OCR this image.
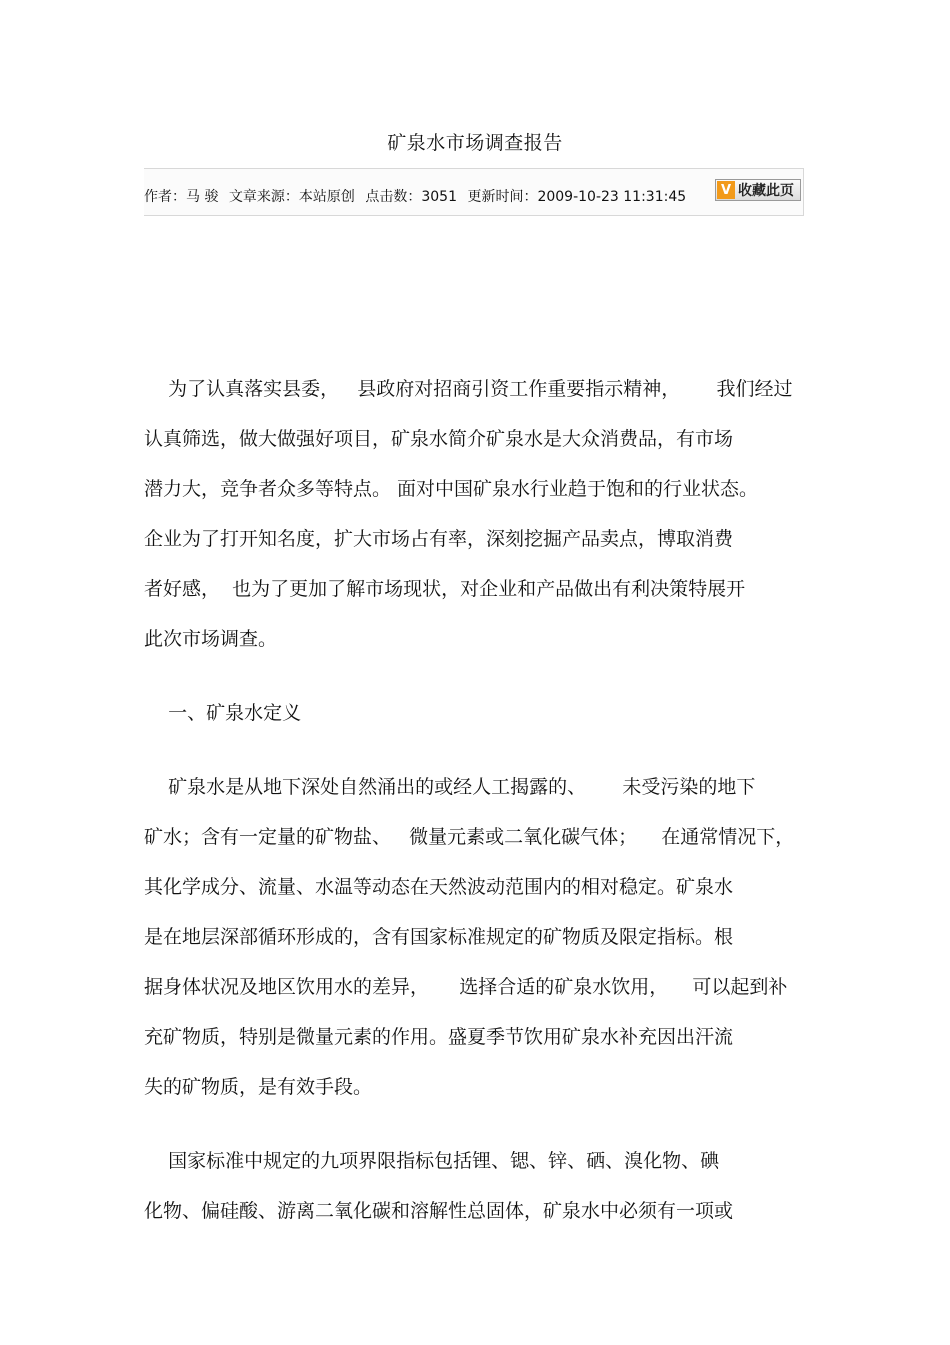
矿泉水市场调查报告
作者：马 骏 文章来源：本站原创 点击数：3051 更新时间：2009-10-23 11:31:45	V 收藏此页
为了认真落实县委，   县政府对招商引资工作重要指示精神，      我们经过
认真筛选，做大做强好项目，矿泉水简介矿泉水是大众消费品，有市场
潜力大，竞争者众多等特点。 面对中国矿泉水行业趋于饱和的行业状态。
企业为了打开知名度，扩大市场占有率，深刻挖掘产品卖点，博取消费
者好感，  也为了更加了解市场现状，对企业和产品做出有利决策特展开
此次市场调查。
一、矿泉水定义
矿泉水是从地下深处自然涌出的或经人工揭露的、      未受污染的地下
矿水；含有一定量的矿物盐、   微量元素或二氧化碳气体；    在通常情况下，
其化学成分、流量、水温等动态在天然波动范围内的相对稳定。矿泉水
是在地层深部循环形成的，含有国家标准规定的矿物质及限定指标。根
据身体状况及地区饮用水的差异，     选择合适的矿泉水饮用，    可以起到补
充矿物质，特别是微量元素的作用。盛夏季节饮用矿泉水补充因出汗流
失的矿物质，是有效手段。
国家标准中规定的九项界限指标包括锂、锶、锌、硒、溴化物、碘
化物、偏硅酸、游离二氧化碳和溶解性总固体，矿泉水中必须有一项或
